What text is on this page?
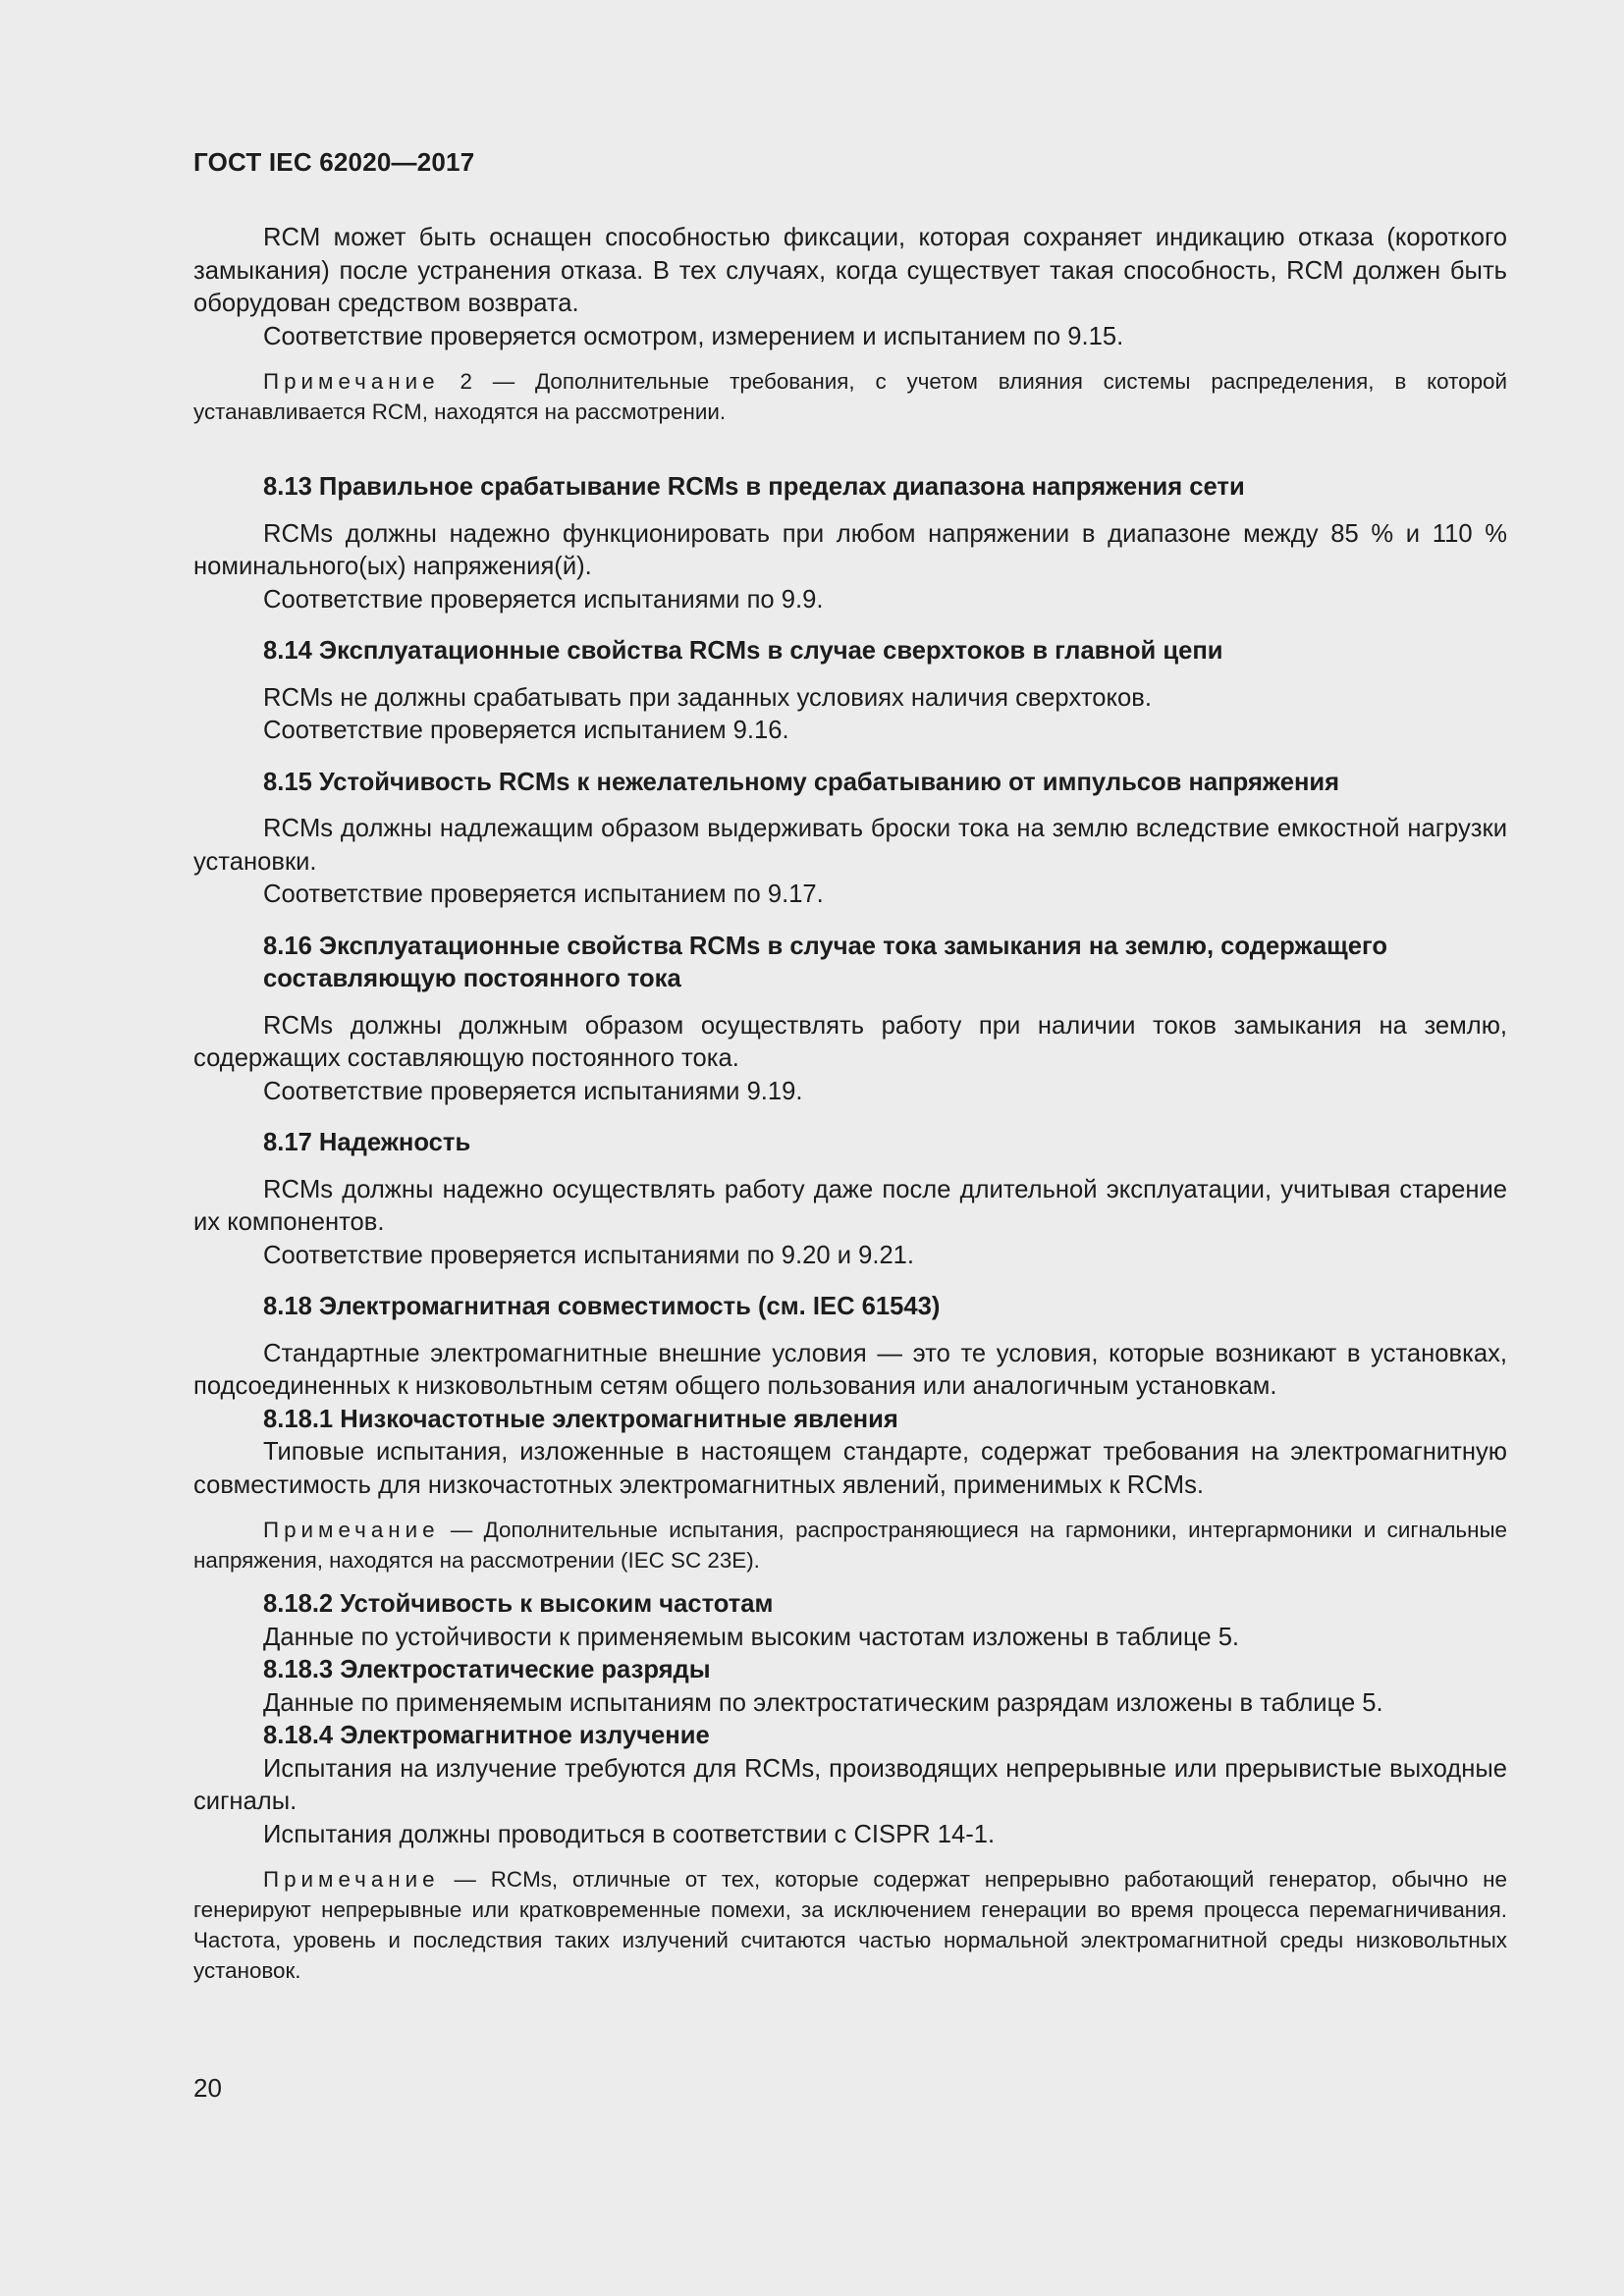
ГОСТ IEC 62020—2017

RCM может быть оснащен способностью фиксации, которая сохраняет индикацию отказа (короткого замыкания) после устранения отказа. В тех случаях, когда существует такая способность, RCM должен быть оборудован средством возврата.

Соответствие проверяется осмотром, измерением и испытанием по 9.15.

Примечание 2 — Дополнительные требования, с учетом влияния системы распределения, в которой устанавливается RCM, находятся на рассмотрении.

8.13 Правильное срабатывание RCMs в пределах диапазона напряжения сети

RCMs должны надежно функционировать при любом напряжении в диапазоне между 85 % и 110 % номинального(ых) напряжения(й).

Соответствие проверяется испытаниями по 9.9.

8.14 Эксплуатационные свойства RCMs в случае сверхтоков в главной цепи

RCMs не должны срабатывать при заданных условиях наличия сверхтоков.

Соответствие проверяется испытанием 9.16.

8.15 Устойчивость RCMs к нежелательному срабатыванию от импульсов напряжения

RCMs должны надлежащим образом выдерживать броски тока на землю вследствие емкостной нагрузки установки.

Соответствие проверяется испытанием по 9.17.

8.16 Эксплуатационные свойства RCMs в случае тока замыкания на землю, содержащего составляющую постоянного тока

RCMs должны должным образом осуществлять работу при наличии токов замыкания на землю, содержащих составляющую постоянного тока.

Соответствие проверяется испытаниями 9.19.

8.17 Надежность

RCMs должны надежно осуществлять работу даже после длительной эксплуатации, учитывая старение их компонентов.

Соответствие проверяется испытаниями по 9.20 и 9.21.

8.18 Электромагнитная совместимость (см. IEC 61543)

Стандартные электромагнитные внешние условия — это те условия, которые возникают в установках, подсоединенных к низковольтным сетям общего пользования или аналогичным установкам.

8.18.1 Низкочастотные электромагнитные явления

Типовые испытания, изложенные в настоящем стандарте, содержат требования на электромагнитную совместимость для низкочастотных электромагнитных явлений, применимых к RCMs.

Примечание — Дополнительные испытания, распространяющиеся на гармоники, интергармоники и сигнальные напряжения, находятся на рассмотрении (IEC SC 23E).

8.18.2 Устойчивость к высоким частотам

Данные по устойчивости к применяемым высоким частотам изложены в таблице 5.

8.18.3 Электростатические разряды

Данные по применяемым испытаниям по электростатическим разрядам изложены в таблице 5.

8.18.4 Электромагнитное излучение

Испытания на излучение требуются для RCMs, производящих непрерывные или прерывистые выходные сигналы.

Испытания должны проводиться в соответствии с CISPR 14-1.

Примечание — RCMs, отличные от тех, которые содержат непрерывно работающий генератор, обычно не генерируют непрерывные или кратковременные помехи, за исключением генерации во время процесса перемагничивания. Частота, уровень и последствия таких излучений считаются частью нормальной электромагнитной среды низковольтных установок.

20
